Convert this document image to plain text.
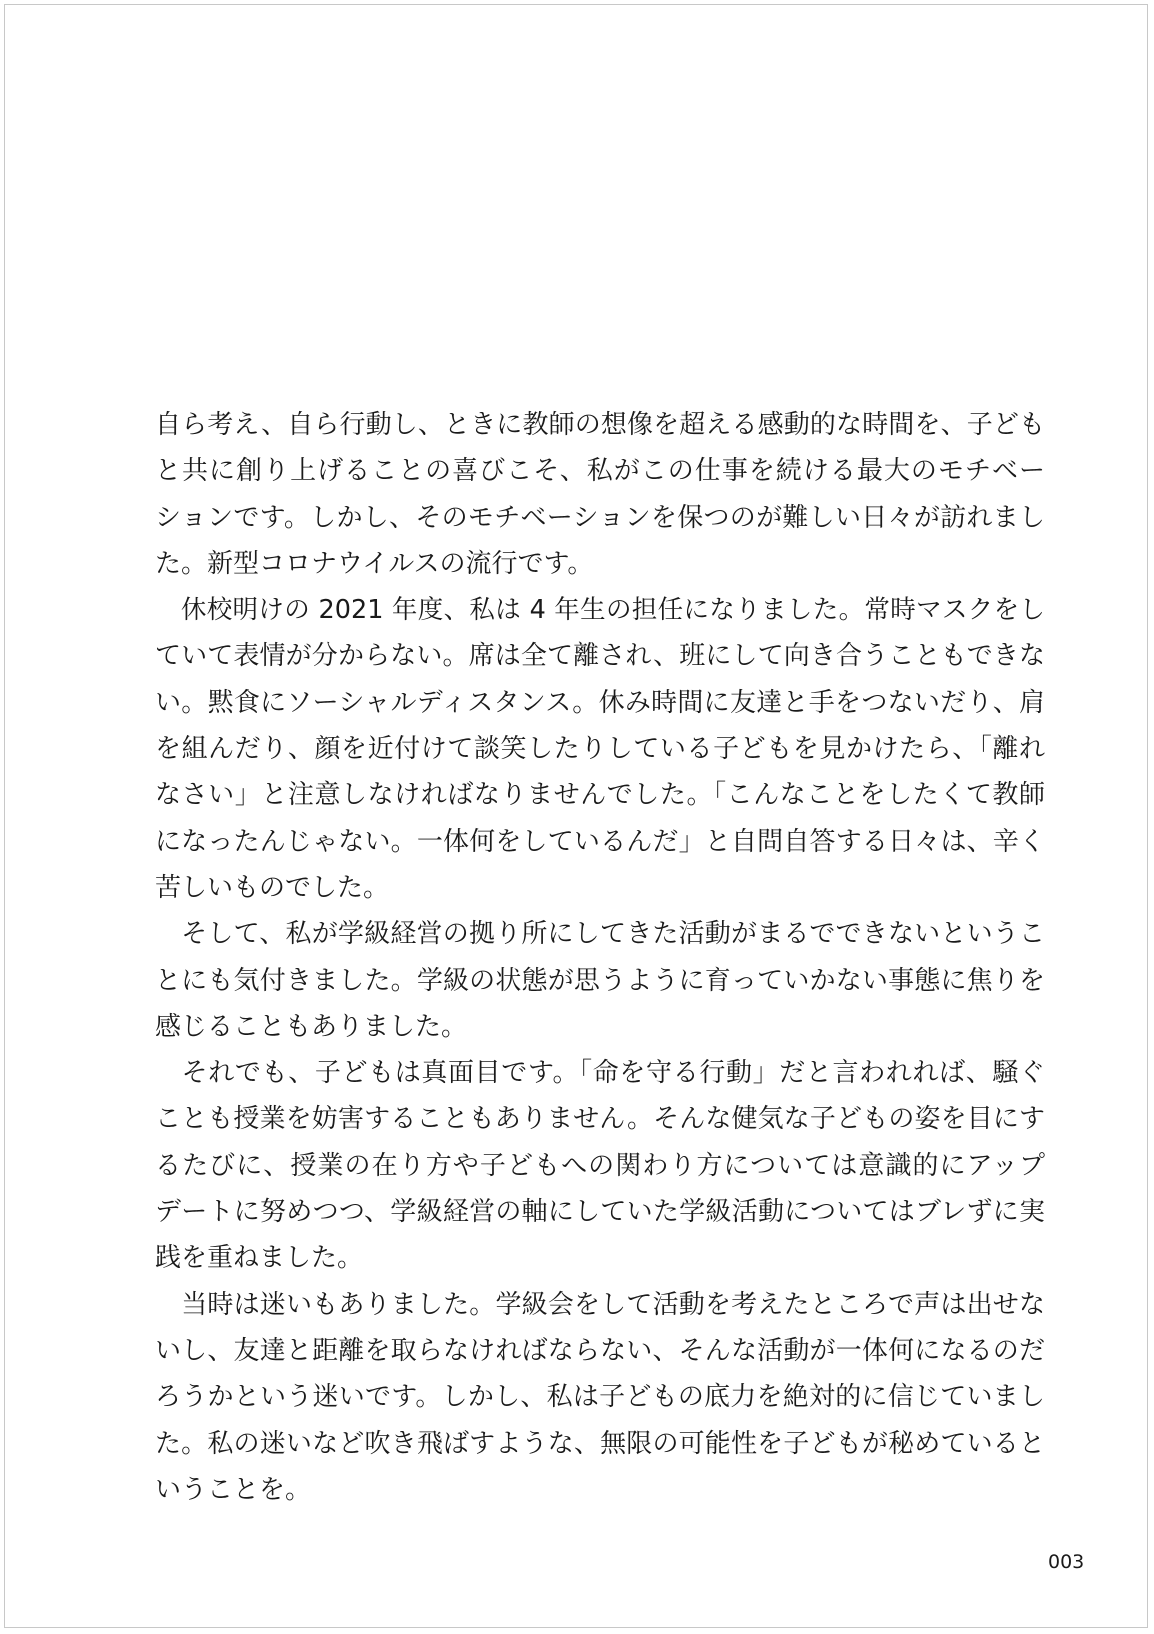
自ら考え、自ら行動し、ときに教師の想像を超える感動的な時間を、子ども
と共に創り上げることの喜びこそ、私がこの仕事を続ける最大のモチベー
ションです。しかし、そのモチベーションを保つのが難しい日々が訪れまし
た。新型コロナウイルスの流行です。

　休校明けの 2021 年度、私は 4 年生の担任になりました。常時マスクをし
ていて表情が分からない。席は全て離され、班にして向き合うこともできな
い。黙食にソーシャルディスタンス。休み時間に友達と手をつないだり、肩
を組んだり、顔を近付けて談笑したりしている子どもを見かけたら、「離れ
なさい」と注意しなければなりませんでした。「こんなことをしたくて教師
になったんじゃない。一体何をしているんだ」と自問自答する日々は、辛く
苦しいものでした。

　そして、私が学級経営の拠り所にしてきた活動がまるでできないというこ
とにも気付きました。学級の状態が思うように育っていかない事態に焦りを
感じることもありました。

　それでも、子どもは真面目です。「命を守る行動」だと言われれば、騒ぐ
ことも授業を妨害することもありません。そんな健気な子どもの姿を目にす
るたびに、授業の在り方や子どもへの関わり方については意識的にアップ
デートに努めつつ、学級経営の軸にしていた学級活動についてはブレずに実
践を重ねました。

　当時は迷いもありました。学級会をして活動を考えたところで声は出せな
いし、友達と距離を取らなければならない、そんな活動が一体何になるのだ
ろうかという迷いです。しかし、私は子どもの底力を絶対的に信じていまし
た。私の迷いなど吹き飛ばすような、無限の可能性を子どもが秘めていると
いうことを。

003
